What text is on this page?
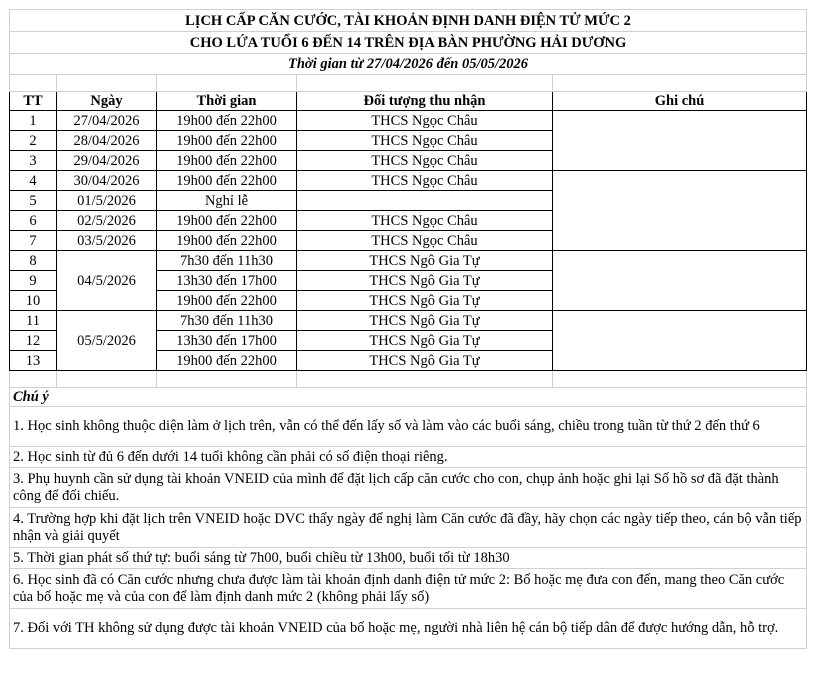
LỊCH CẤP CĂN CƯỚC, TÀI KHOẢN ĐỊNH DANH ĐIỆN TỬ MỨC 2				
CHO LỨA TUỔI 6 ĐẾN 14 TRÊN ĐỊA BÀN PHƯỜNG HẢI DƯƠNG				
Thời gian từ 27/04/2026 đến 05/05/2026				

TT	Ngày	Thời gian	Đối tượng thu nhận	Ghi chú
1	27/04/2026	19h00 đến 22h00	THCS Ngọc Châu	
2	28/04/2026	19h00 đến 22h00	THCS Ngọc Châu	
3	29/04/2026	19h00 đến 22h00	THCS Ngọc Châu	
4	30/04/2026	19h00 đến 22h00	THCS Ngọc Châu	
5	01/5/2026	Nghỉ lễ		
6	02/5/2026	19h00 đến 22h00	THCS Ngọc Châu	
7	03/5/2026	19h00 đến 22h00	THCS Ngọc Châu	
8	04/5/2026	7h30 đến 11h30	THCS Ngô Gia Tự	
9		13h30 đến 17h00	THCS Ngô Gia Tự	
10		19h00 đến 22h00	THCS Ngô Gia Tự	
11	05/5/2026	7h30 đến 11h30	THCS Ngô Gia Tự	
12		13h30 đến 17h00	THCS Ngô Gia Tự	
13		19h00 đến 22h00	THCS Ngô Gia Tự	

Chú ý				
1. Học sinh không thuộc diện làm ở lịch trên, vẫn có thể đến lấy số và làm vào các buổi sáng, chiều trong tuần từ thứ 2 đến thứ 6				
2. Học sinh từ đủ 6 đến dưới 14 tuổi không cần phải có số điện thoại riêng.				
3. Phụ huynh cần sử dụng tài khoản VNEID của mình để đặt lịch cấp căn cước cho con, chụp ảnh hoặc ghi lại Số hồ sơ đã đặt thành công để đối chiếu.				
4. Trường hợp khi đặt lịch trên VNEID hoặc DVC thấy ngày để nghị làm Căn cước đã đầy, hãy chọn các ngày tiếp theo, cán bộ vẫn tiếp nhận và giải quyết				
5. Thời gian phát số thứ tự: buổi sáng từ 7h00, buổi chiều từ 13h00, buổi tối từ 18h30				
6. Học sinh đã có Căn cước nhưng chưa được làm tài khoản định danh điện tử mức 2: Bố hoặc mẹ đưa con đến, mang theo Căn cước của bố hoặc mẹ và của con để làm định danh mức 2 (không phải lấy số)				
7. Đối với TH không sử dụng được tài khoản VNEID của bố hoặc mẹ, người nhà liên hệ cán bộ tiếp dân để được hướng dẫn, hỗ trợ.				
